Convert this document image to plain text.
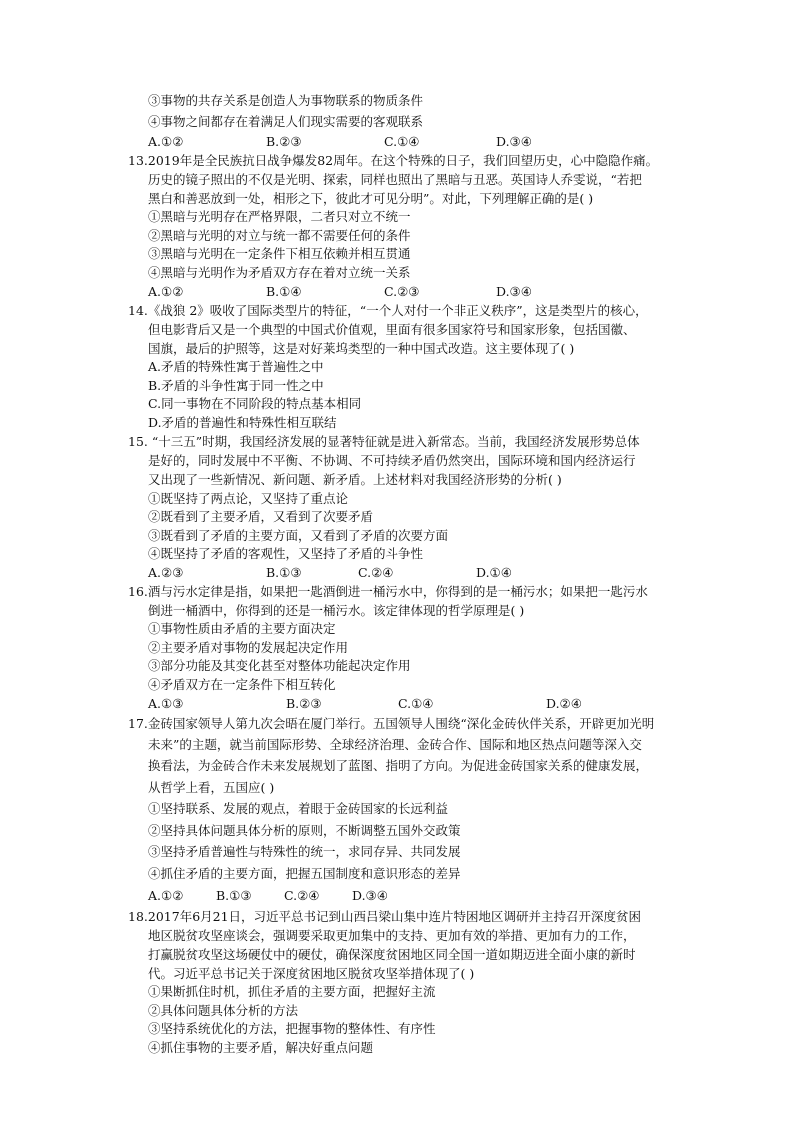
③事物的共存关系是创造人为事物联系的物质条件
④事物之间都存在着满足人们现实需要的客观联系
A.①②	B.②③	C.①④	D.③④
13.2019年是全民族抗日战争爆发82周年。在这个特殊的日子，我们回望历史，心中隐隐作痛。
历史的镜子照出的不仅是光明、探索，同样也照出了黑暗与丑恶。英国诗人乔雯说，“若把
黑白和善恶放到一处，相形之下，彼此才可见分明”。对此，下列理解正确的是( )
①黑暗与光明存在严格界限，二者只对立不统一
②黑暗与光明的对立与统一都不需要任何的条件
③黑暗与光明在一定条件下相互依赖并相互贯通
④黑暗与光明作为矛盾双方存在着对立统一关系
A.①②	B.①④	C.②③	D.③④
14.《战狼 2》吸收了国际类型片的特征，“一个人对付一个非正义秩序”，这是类型片的核心，
但电影背后又是一个典型的中国式价值观，里面有很多国家符号和国家形象，包括国徽、
国旗，最后的护照等，这是对好莱坞类型的一种中国式改造。这主要体现了( )
A.矛盾的特殊性寓于普遍性之中
B.矛盾的斗争性寓于同一性之中
C.同一事物在不同阶段的特点基本相同
D.矛盾的普遍性和特殊性相互联结
15. “十三五”时期，我国经济发展的显著特征就是进入新常态。当前，我国经济发展形势总体
是好的，同时发展中不平衡、不协调、不可持续矛盾仍然突出，国际环境和国内经济运行
又出现了一些新情况、新问题、新矛盾。上述材料对我国经济形势的分析( )
①既坚持了两点论，又坚持了重点论
②既看到了主要矛盾，又看到了次要矛盾
③既看到了矛盾的主要方面，又看到了矛盾的次要方面
④既坚持了矛盾的客观性，又坚持了矛盾的斗争性
A.②③	B.①③	C.②④	D.①④
16.酒与污水定律是指，如果把一匙酒倒进一桶污水中，你得到的是一桶污水；如果把一匙污水
倒进一桶酒中，你得到的还是一桶污水。该定律体现的哲学原理是( )
①事物性质由矛盾的主要方面决定
②主要矛盾对事物的发展起决定作用
③部分功能及其变化甚至对整体功能起决定作用
④矛盾双方在一定条件下相互转化
A.①③	B.②③	C.①④	D.②④
17.金砖国家领导人第九次会晤在厦门举行。五国领导人围绕“深化金砖伙伴关系，开辟更加光明
未来”的主题，就当前国际形势、全球经济治理、金砖合作、国际和地区热点问题等深入交
换看法，为金砖合作未来发展规划了蓝图、指明了方向。为促进金砖国家关系的健康发展，
从哲学上看，五国应( )
①坚持联系、发展的观点，着眼于金砖国家的长远利益
②坚持具体问题具体分析的原则，不断调整五国外交政策
③坚持矛盾普遍性与特殊性的统一，求同存异、共同发展
④抓住矛盾的主要方面，把握五国制度和意识形态的差异
A.①②	B.①③	C.②④	D.③④
18.2017年6月21日，习近平总书记到山西吕梁山集中连片特困地区调研并主持召开深度贫困
地区脱贫攻坚座谈会，强调要采取更加集中的支持、更加有效的举措、更加有力的工作，
打赢脱贫攻坚这场硬仗中的硬仗，确保深度贫困地区同全国一道如期迈进全面小康的新时
代。习近平总书记关于深度贫困地区脱贫攻坚举措体现了( )
①果断抓住时机，抓住矛盾的主要方面，把握好主流
②具体问题具体分析的方法
③坚持系统优化的方法，把握事物的整体性、有序性
④抓住事物的主要矛盾，解决好重点问题
